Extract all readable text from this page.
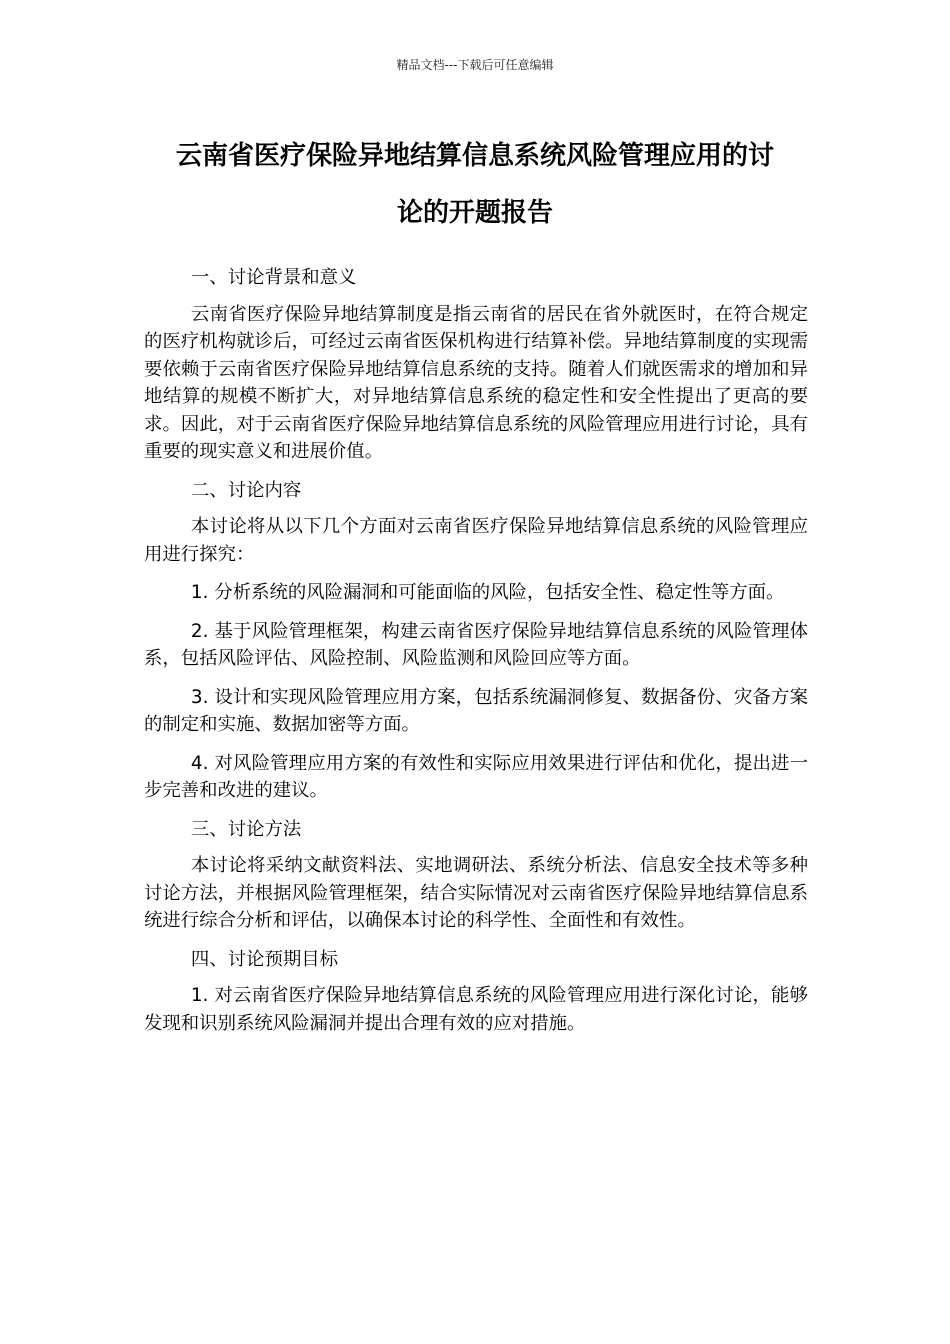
精品文档---下载后可任意编辑
云南省医疗保险异地结算信息系统风险管理应用的讨
论的开题报告

一、讨论背景和意义

云南省医疗保险异地结算制度是指云南省的居民在省外就医时，在符合规定的医疗机构就诊后，可经过云南省医保机构进行结算补偿。异地结算制度的实现需要依赖于云南省医疗保险异地结算信息系统的支持。随着人们就医需求的增加和异地结算的规模不断扩大，对异地结算信息系统的稳定性和安全性提出了更高的要求。因此，对于云南省医疗保险异地结算信息系统的风险管理应用进行讨论，具有重要的现实意义和进展价值。

二、讨论内容

本讨论将从以下几个方面对云南省医疗保险异地结算信息系统的风险管理应用进行探究：

1. 分析系统的风险漏洞和可能面临的风险，包括安全性、稳定性等方面。

2. 基于风险管理框架，构建云南省医疗保险异地结算信息系统的风险管理体系，包括风险评估、风险控制、风险监测和风险回应等方面。

3. 设计和实现风险管理应用方案，包括系统漏洞修复、数据备份、灾备方案的制定和实施、数据加密等方面。

4. 对风险管理应用方案的有效性和实际应用效果进行评估和优化，提出进一步完善和改进的建议。

三、讨论方法

本讨论将采纳文献资料法、实地调研法、系统分析法、信息安全技术等多种讨论方法，并根据风险管理框架，结合实际情况对云南省医疗保险异地结算信息系统进行综合分析和评估，以确保本讨论的科学性、全面性和有效性。

四、讨论预期目标

1. 对云南省医疗保险异地结算信息系统的风险管理应用进行深化讨论，能够发现和识别系统风险漏洞并提出合理有效的应对措施。
